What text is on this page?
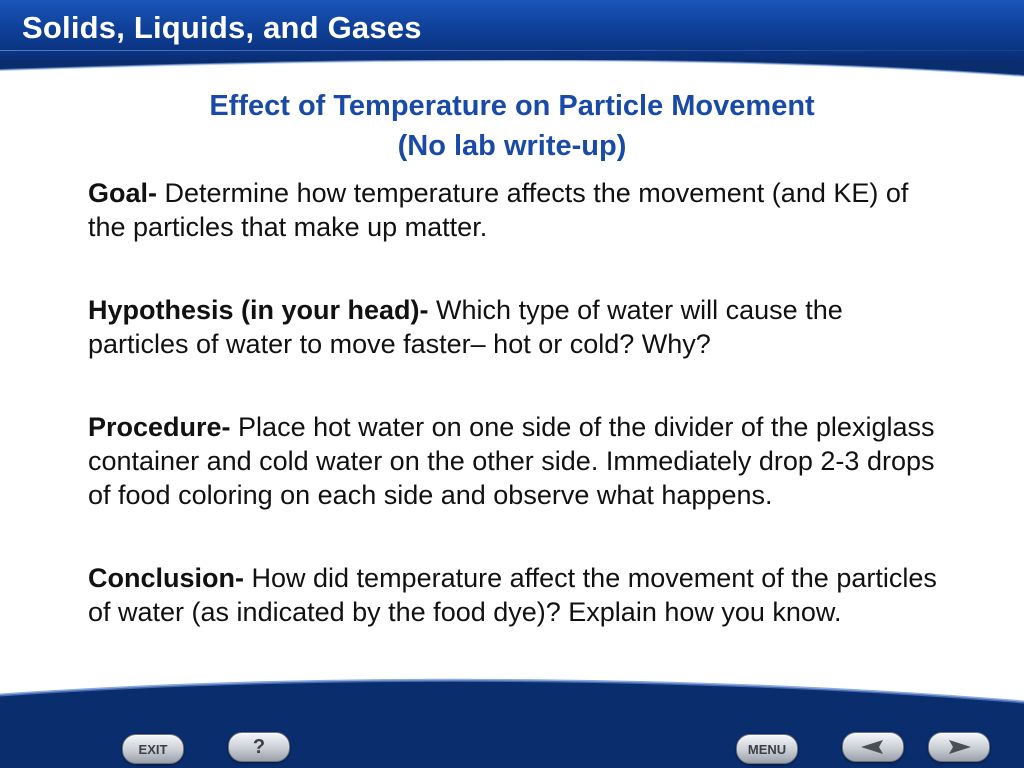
Solids, Liquids, and Gases
Effect of Temperature on Particle Movement
(No lab write-up)

Goal- Determine how temperature affects the movement (and KE) of the particles that make up matter.

Hypothesis (in your head)- Which type of water will cause the particles of water to move faster– hot or cold? Why?

Procedure- Place hot water on one side of the divider of the plexiglass container and cold water on the other side. Immediately drop 2-3 drops of food coloring on each side and observe what happens.

Conclusion- How did temperature affect the movement of the particles of water (as indicated by the food dye)? Explain how you know.

EXIT	?	MENU
